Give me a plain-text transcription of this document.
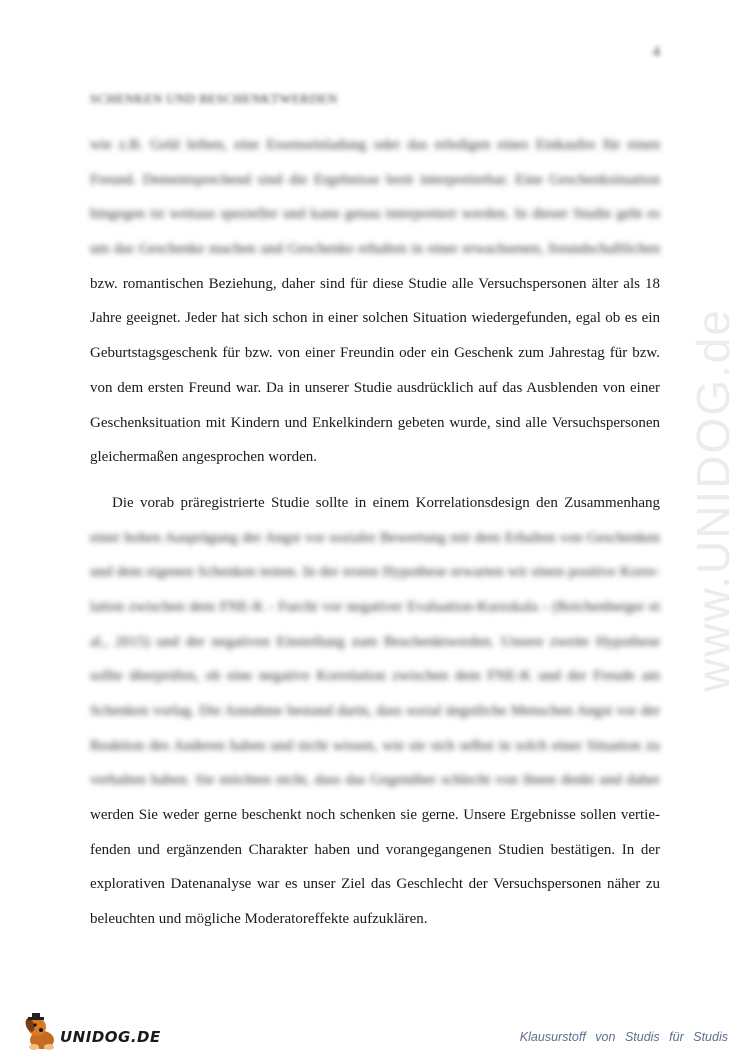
4
SCHENKEN UND BESCHENKTWERDEN
www.UNIDOG.de
wie z.B. Geld leihen, eine Essenseinladung oder das erledigen eines Einkaufes für einen
Freund. Dementsprechend sind die Ergebnisse breit interpretierbar. Eine Geschenksituation
hingegen ist weitaus spezieller und kann genau interpretiert werden. In dieser Studie geht es
um das Geschenke machen und Geschenke erhalten in einer erwachsenen, freundschaftlichen
bzw. romantischen Beziehung, daher sind für diese Studie alle Versuchspersonen älter als 18
Jahre geeignet. Jeder hat sich schon in einer solchen Situation wiedergefunden, egal ob es ein
Geburtstagsgeschenk für bzw. von einer Freundin oder ein Geschenk zum Jahrestag für bzw.
von dem ersten Freund war. Da in unserer Studie ausdrücklich auf das Ausblenden von einer
Geschenksituation mit Kindern und Enkelkindern gebeten wurde, sind alle Versuchspersonen
gleichermaßen angesprochen worden.
Die vorab präregistrierte Studie sollte in einem Korrelationsdesign den Zusammenhang
einer hohen Ausprägung der Angst vor sozialer Bewertung mit dem Erhalten von Geschenken
und dem eigenen Schenken testen. In der ersten Hypothese erwarten wir einen positive Korre-
lation zwischen dem FNE-K - Furcht vor negativer Evaluation-Kurzskala - (Reichenberger et
al., 2015) und der negativen Einstellung zum Beschenktwerden. Unsere zweite Hypothese
sollte überprüfen, ob eine negative Korrelation zwischen dem FNE-K und der Freude am
Schenken vorlag. Die Annahme bestand darin, dass sozial ängstliche Menschen Angst vor der
Reaktion des Anderen haben und nicht wissen, wie sie sich selbst in solch einer Situation zu
verhalten haben. Sie möchten nicht, dass das Gegenüber schlecht von ihnen denkt und daher
werden Sie weder gerne beschenkt noch schenken sie gerne. Unsere Ergebnisse sollen vertie-
fenden und ergänzenden Charakter haben und vorangegangenen Studien bestätigen. In der
explorativen Datenanalyse war es unser Ziel das Geschlecht der Versuchspersonen näher zu
beleuchten und mögliche Moderatoreffekte aufzuklären.
UNIDOG.DE	Klausurstoff von Studis für Studis
